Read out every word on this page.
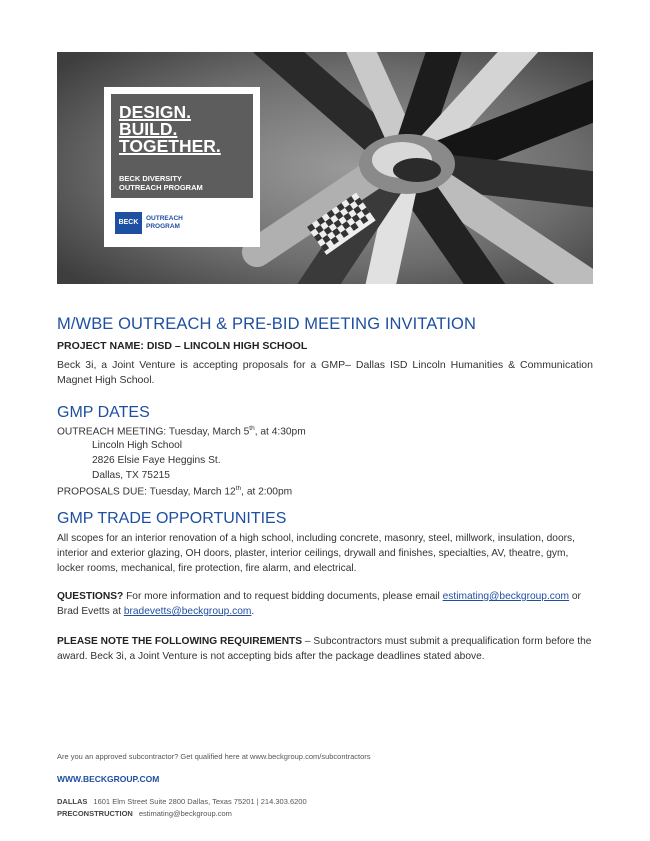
DESIGN.
BUILD.
TOGETHER.
BECK DIVERSITY
OUTREACH PROGRAM
BECK
OUTREACH
PROGRAM
M/WBE OUTREACH & PRE-BID MEETING INVITATION
PROJECT NAME: DISD – LINCOLN HIGH SCHOOL
Beck 3i, a Joint Venture is accepting proposals for a GMP– Dallas ISD Lincoln Humanities & Communication Magnet High School.
GMP DATES
OUTREACH MEETING: Tuesday, March 5th, at 4:30pm
Lincoln High School
2826 Elsie Faye Heggins St.
Dallas, TX 75215
PROPOSALS DUE: Tuesday, March 12th, at 2:00pm
GMP TRADE OPPORTUNITIES
All scopes for an interior renovation of a high school, including concrete, masonry, steel, millwork, insulation, doors, interior and exterior glazing, OH doors, plaster, interior ceilings, drywall and finishes, specialties, AV, theatre, gym, locker rooms, mechanical, fire protection, fire alarm, and electrical.
QUESTIONS? For more information and to request bidding documents, please email estimating@beckgroup.com or Brad Evetts at bradevetts@beckgroup.com.
PLEASE NOTE THE FOLLOWING REQUIREMENTS – Subcontractors must submit a prequalification form before the award. Beck 3i, a Joint Venture is not accepting bids after the package deadlines stated above.
Are you an approved subcontractor? Get qualified here at www.beckgroup.com/subcontractors
WWW.BECKGROUP.COM
DALLAS 1601 Elm Street Suite 2800 Dallas, Texas 75201 | 214.303.6200
PRECONSTRUCTION estimating@beckgroup.com
